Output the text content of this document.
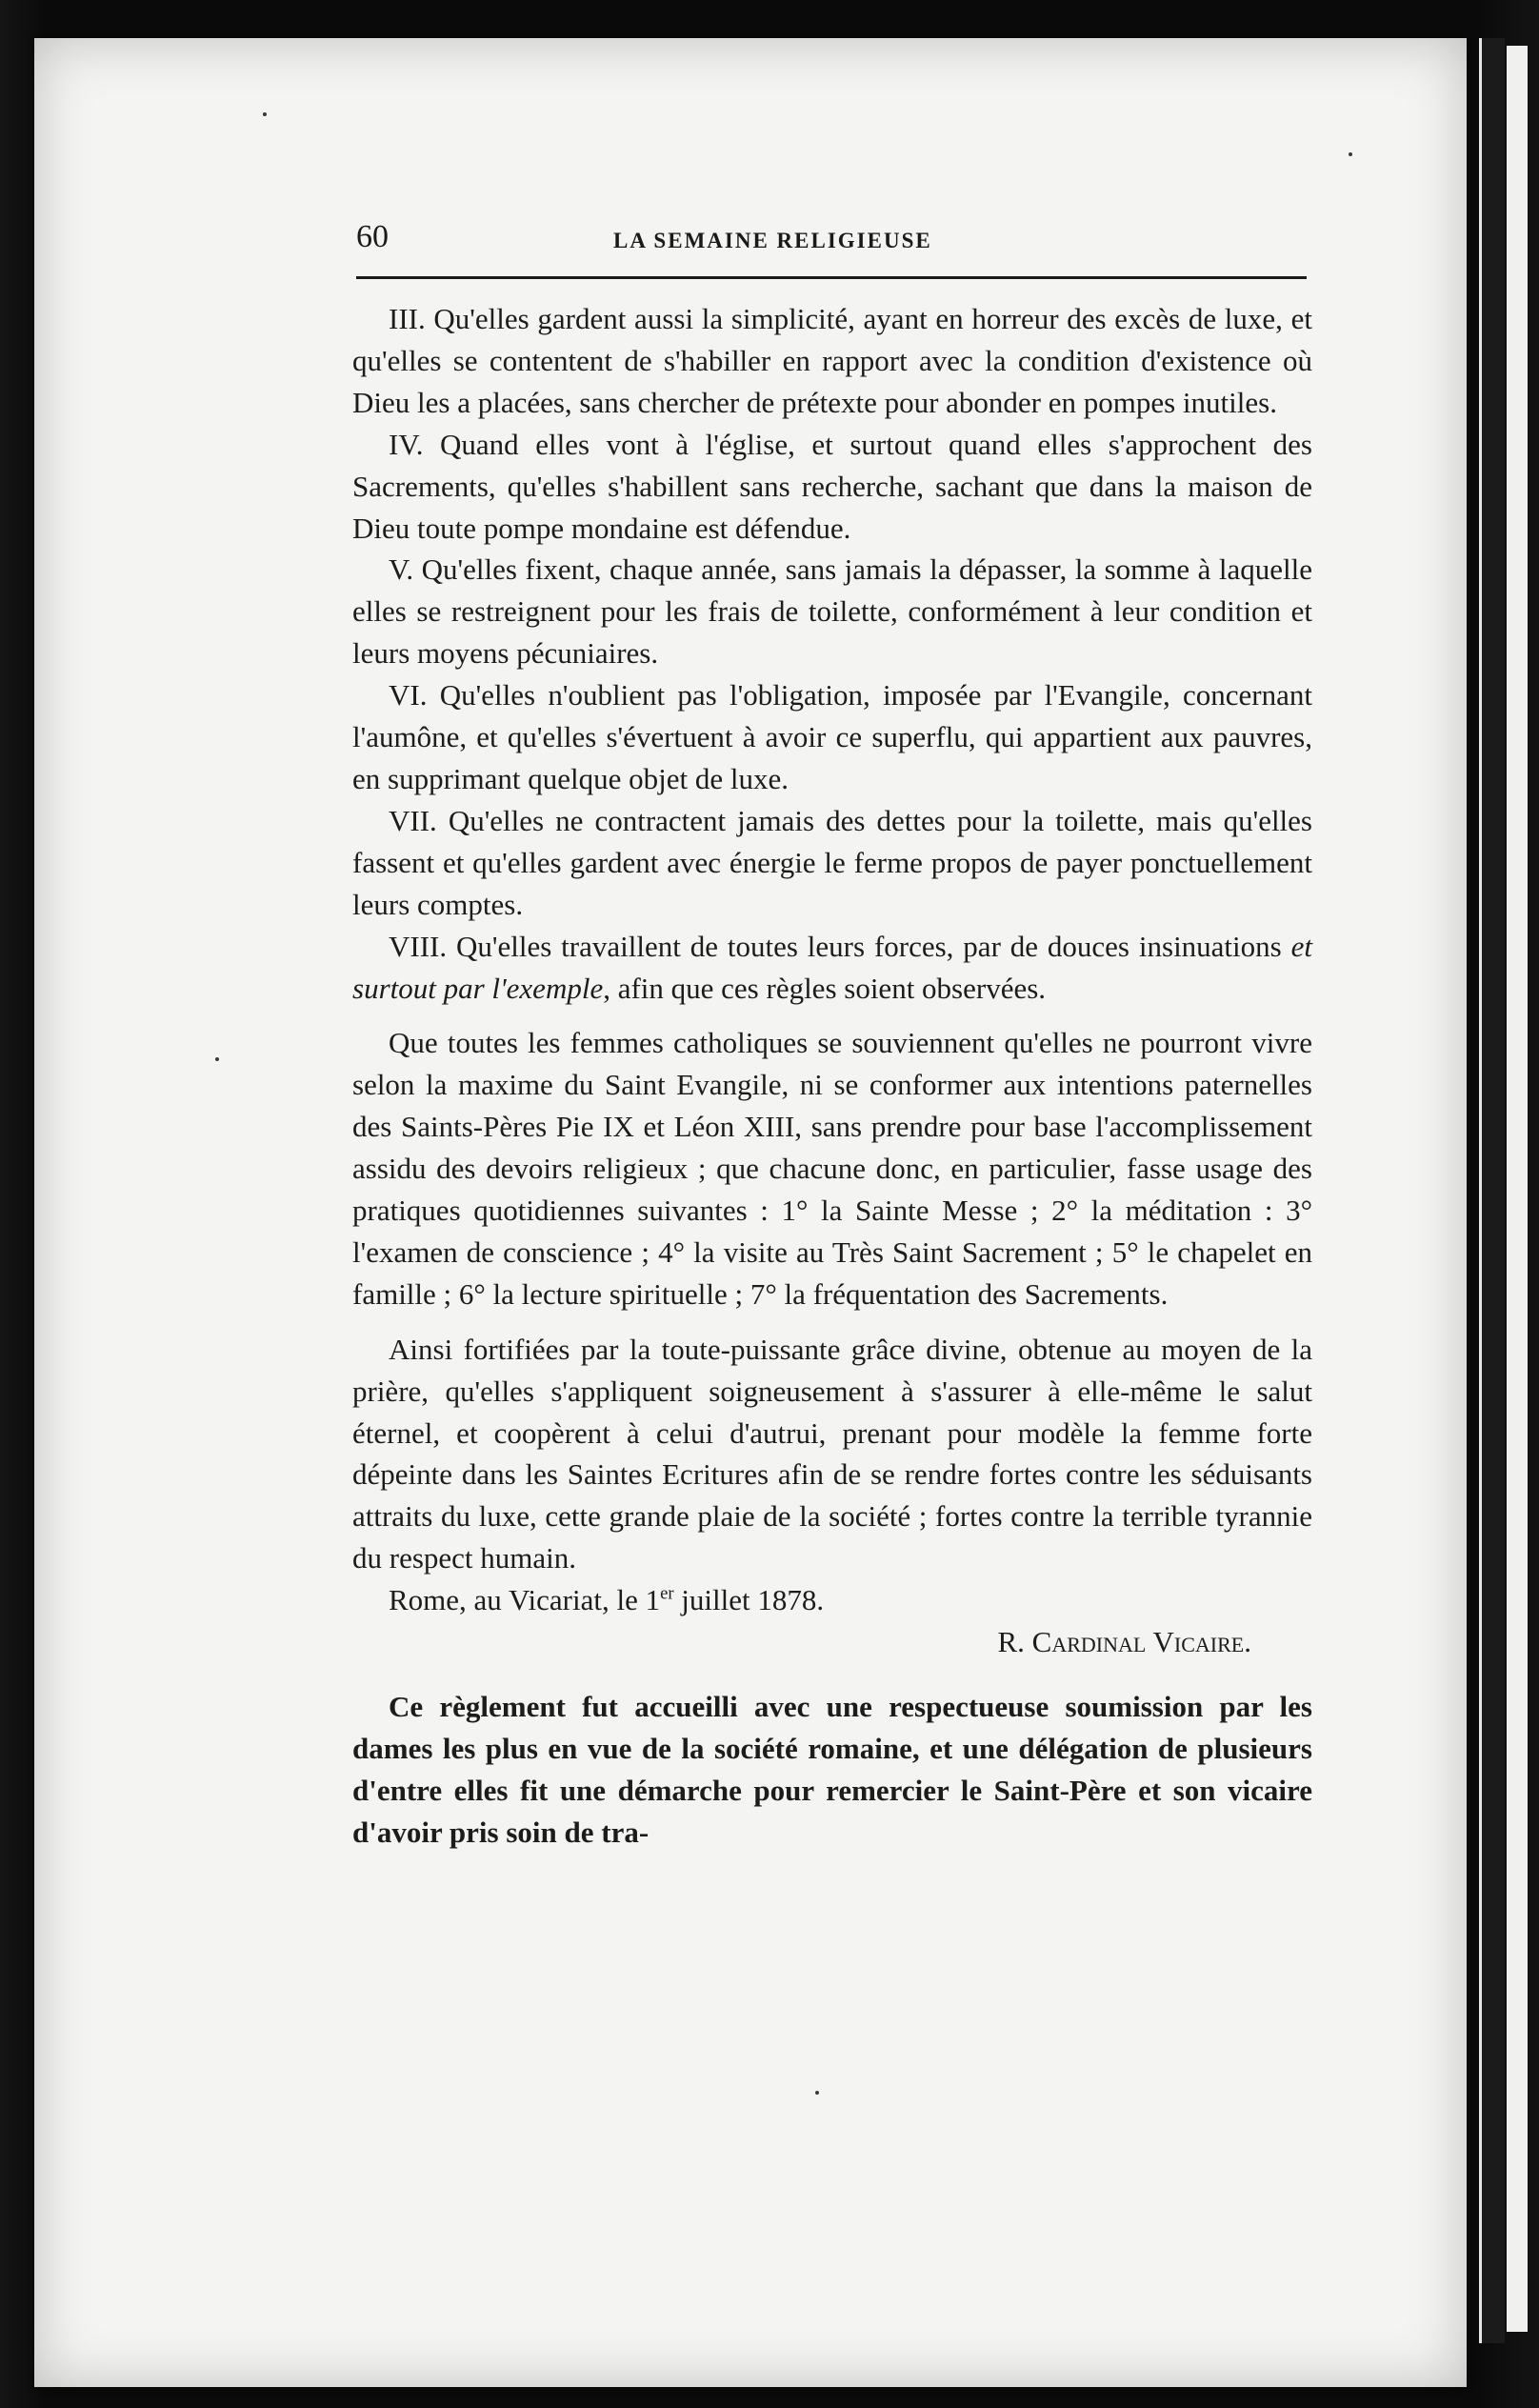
60	LA SEMAINE RELIGIEUSE

III. Qu'elles gardent aussi la simplicité, ayant en horreur des excès de luxe, et qu'elles se contentent de s'habiller en rapport avec la condition d'existence où Dieu les a placées, sans chercher de prétexte pour abonder en pompes inutiles.

IV. Quand elles vont à l'église, et surtout quand elles s'approchent des Sacrements, qu'elles s'habillent sans recherche, sachant que dans la maison de Dieu toute pompe mondaine est défendue.

V. Qu'elles fixent, chaque année, sans jamais la dépasser, la somme à laquelle elles se restreignent pour les frais de toilette, conformément à leur condition et leurs moyens pécuniaires.

VI. Qu'elles n'oublient pas l'obligation, imposée par l'Evangile, concernant l'aumône, et qu'elles s'évertuent à avoir ce superflu, qui appartient aux pauvres, en supprimant quelque objet de luxe.

VII. Qu'elles ne contractent jamais des dettes pour la toilette, mais qu'elles fassent et qu'elles gardent avec énergie le ferme propos de payer ponctuellement leurs comptes.

VIII. Qu'elles travaillent de toutes leurs forces, par de douces insinuations et surtout par l'exemple, afin que ces règles soient observées.

Que toutes les femmes catholiques se souviennent qu'elles ne pourront vivre selon la maxime du Saint Evangile, ni se conformer aux intentions paternelles des Saints-Pères Pie IX et Léon XIII, sans prendre pour base l'accomplissement assidu des devoirs religieux ; que chacune donc, en particulier, fasse usage des pratiques quotidiennes suivantes : 1° la Sainte Messe ; 2° la méditation : 3° l'examen de conscience ; 4° la visite au Très Saint Sacrement ; 5° le chapelet en famille ; 6° la lecture spirituelle ; 7° la fréquentation des Sacrements.

Ainsi fortifiées par la toute-puissante grâce divine, obtenue au moyen de la prière, qu'elles s'appliquent soigneusement à s'assurer à elle-même le salut éternel, et coopèrent à celui d'autrui, prenant pour modèle la femme forte dépeinte dans les Saintes Ecritures afin de se rendre fortes contre les séduisants attraits du luxe, cette grande plaie de la société ; fortes contre la terrible tyrannie du respect humain.

Rome, au Vicariat, le 1er juillet 1878.

R. Cardinal Vicaire.

Ce règlement fut accueilli avec une respectueuse soumission par les dames les plus en vue de la société romaine, et une délégation de plusieurs d'entre elles fit une démarche pour remercier le Saint-Père et son vicaire d'avoir pris soin de tra-
